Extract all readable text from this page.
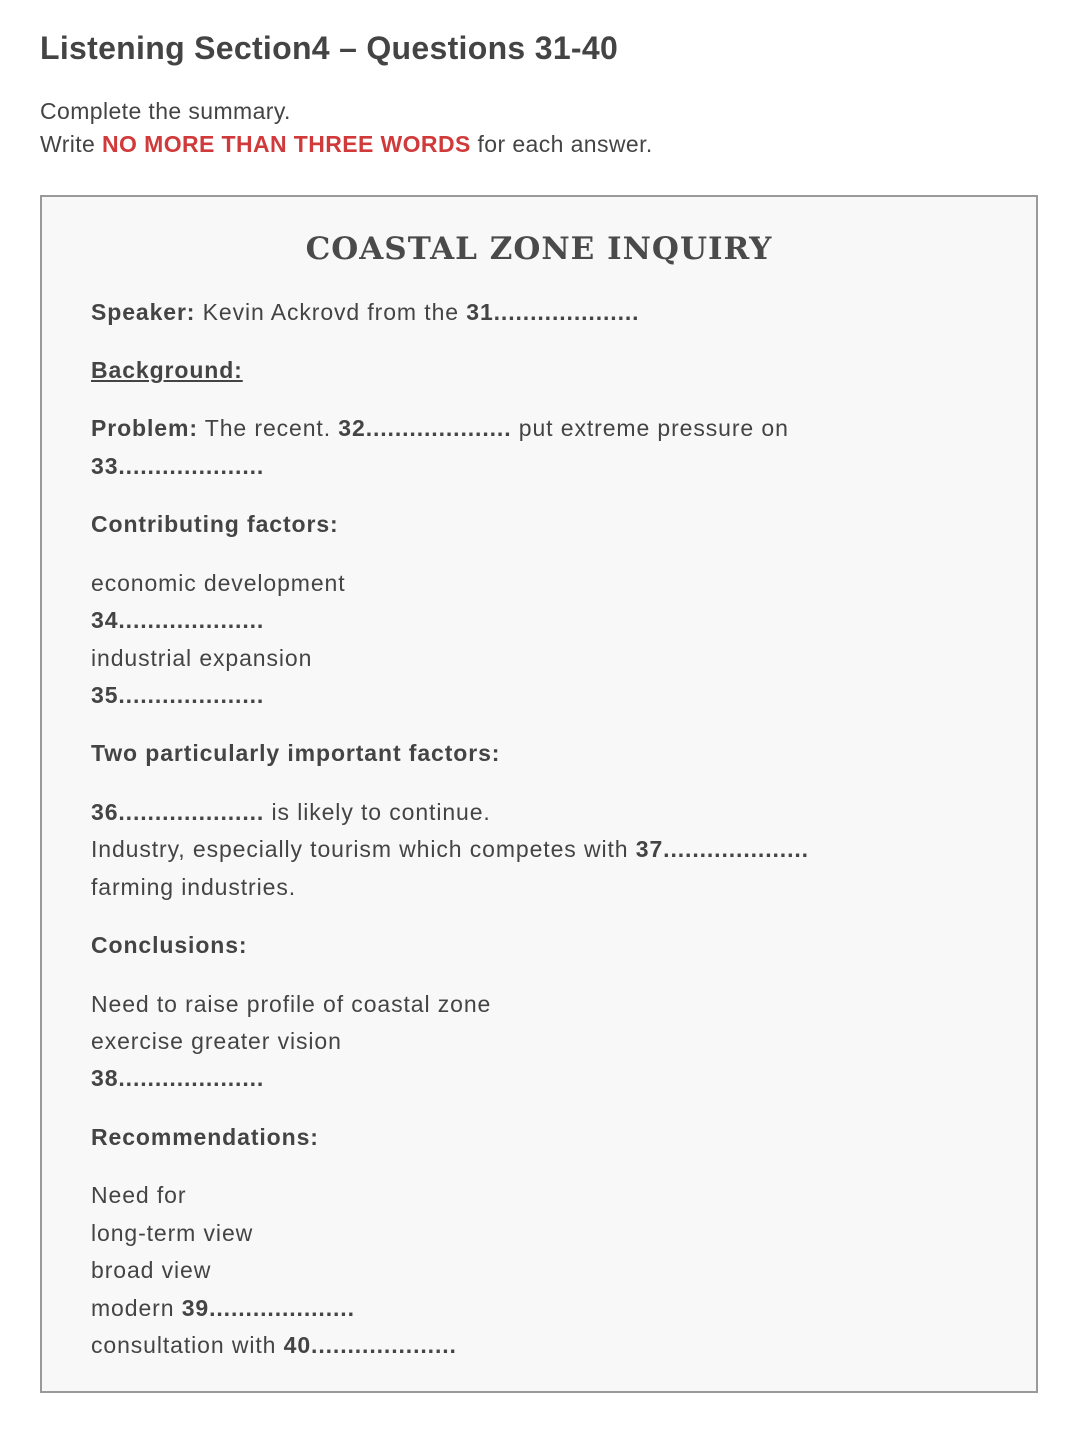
Listening Section4 – Questions 31-40
Complete the summary.
Write NO MORE THAN THREE WORDS for each answer.
COASTAL ZONE INQUIRY
Speaker: Kevin Ackrovd from the 31....................
Background:
Problem: The recent. 32.................... put extreme pressure on
33....................
Contributing factors:
economic development
34....................
industrial expansion
35....................
Two particularly important factors:
36.................... is likely to continue.
Industry, especially tourism which competes with 37....................
farming industries.
Conclusions:
Need to raise profile of coastal zone
exercise greater vision
38....................
Recommendations:
Need for
long-term view
broad view
modern 39....................
consultation with 40....................
